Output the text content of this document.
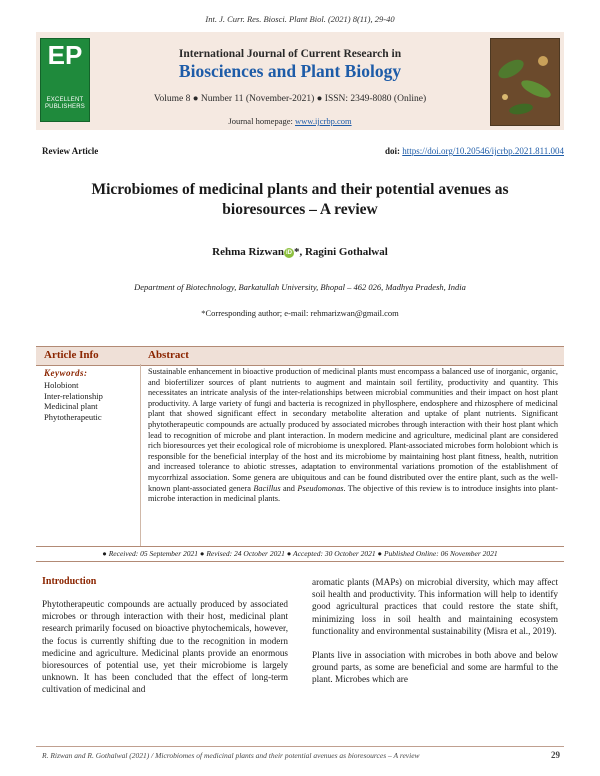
Int. J. Curr. Res. Biosci. Plant Biol. (2021) 8(11), 29-40
EP
EXCELLENT PUBLISHERS
International Journal of Current Research in
Biosciences and Plant Biology
Volume 8 ● Number 11 (November-2021) ● ISSN: 2349-8080 (Online)
Journal homepage: www.ijcrbp.com
Review Article	doi: https://doi.org/10.20546/ijcrbp.2021.811.004
Microbiomes of medicinal plants and their potential avenues as bioresources – A review
Rehma Rizwan iD *, Ragini Gothalwal
Department of Biotechnology, Barkatullah University, Bhopal – 462 026, Madhya Pradesh, India
*Corresponding author; e-mail: rehmarizwan@gmail.com
Article Info	Abstract
Keywords:
Holobiont
Inter-relationship
Medicinal plant
Phytotherapeutic
Sustainable enhancement in bioactive production of medicinal plants must encompass a balanced use of inorganic, organic, and biofertilizer sources of plant nutrients to augment and maintain soil fertility, productivity and quantity. This necessitates an intricate analysis of the inter-relationships between microbial communities and their impact on host plant productivity. A large variety of fungi and bacteria is recognized in phyllosphere, endosphere and rhizosphere of medicinal plant that showed significant effect in secondary metabolite alteration and uptake of plant nutrients. Significant phytotherapeutic compounds are actually produced by associated microbes through interaction with their host plant which lead to recognition of microbe and plant interaction. In modern medicine and agriculture, medicinal plant are considered rich bioresources yet their ecological role of microbiome is unexplored. Plant-associated microbes form holobiont which is responsible for the beneficial interplay of the host and its microbiome by maintaining host plant fitness, health, nutrition and increased tolerance to abiotic stresses, adaptation to environmental variations promotion of the establishment of mycorrhizal association. Some genera are ubiquitous and can be found distributed over the entire plant, such as the well-known plant-associated genera Bacillus and Pseudomonas. The objective of this review is to introduce insights into plant-microbe interaction in medicinal plants.
● Received: 05 September 2021 ● Revised: 24 October 2021 ● Accepted: 30 October 2021 ● Published Online: 06 November 2021
Introduction

Phytotherapeutic compounds are actually produced by associated microbes or through interaction with their host, medicinal plant research primarily focused on bioactive phytochemicals, however, the focus is currently shifting due to the recognition in modern medicine and agriculture. Medicinal plants provide an enormous bioresources of potential use, yet their microbiome is largely unknown. It has been concluded that the effect of long-term cultivation of medicinal and

aromatic plants (MAPs) on microbial diversity, which may affect soil health and productivity. This information will help to identify good agricultural practices that could restore the state shift, minimizing loss in soil health and maintaining ecosystem functionality and environmental sustainability (Misra et al., 2019).

Plants live in association with microbes in both above and below ground parts, as some are beneficial and some are harmful to the plant. Microbes which are

R. Rizwan and R. Gothalwal (2021) / Microbiomes of medicinal plants and their potential avenues as bioresources – A review	29
